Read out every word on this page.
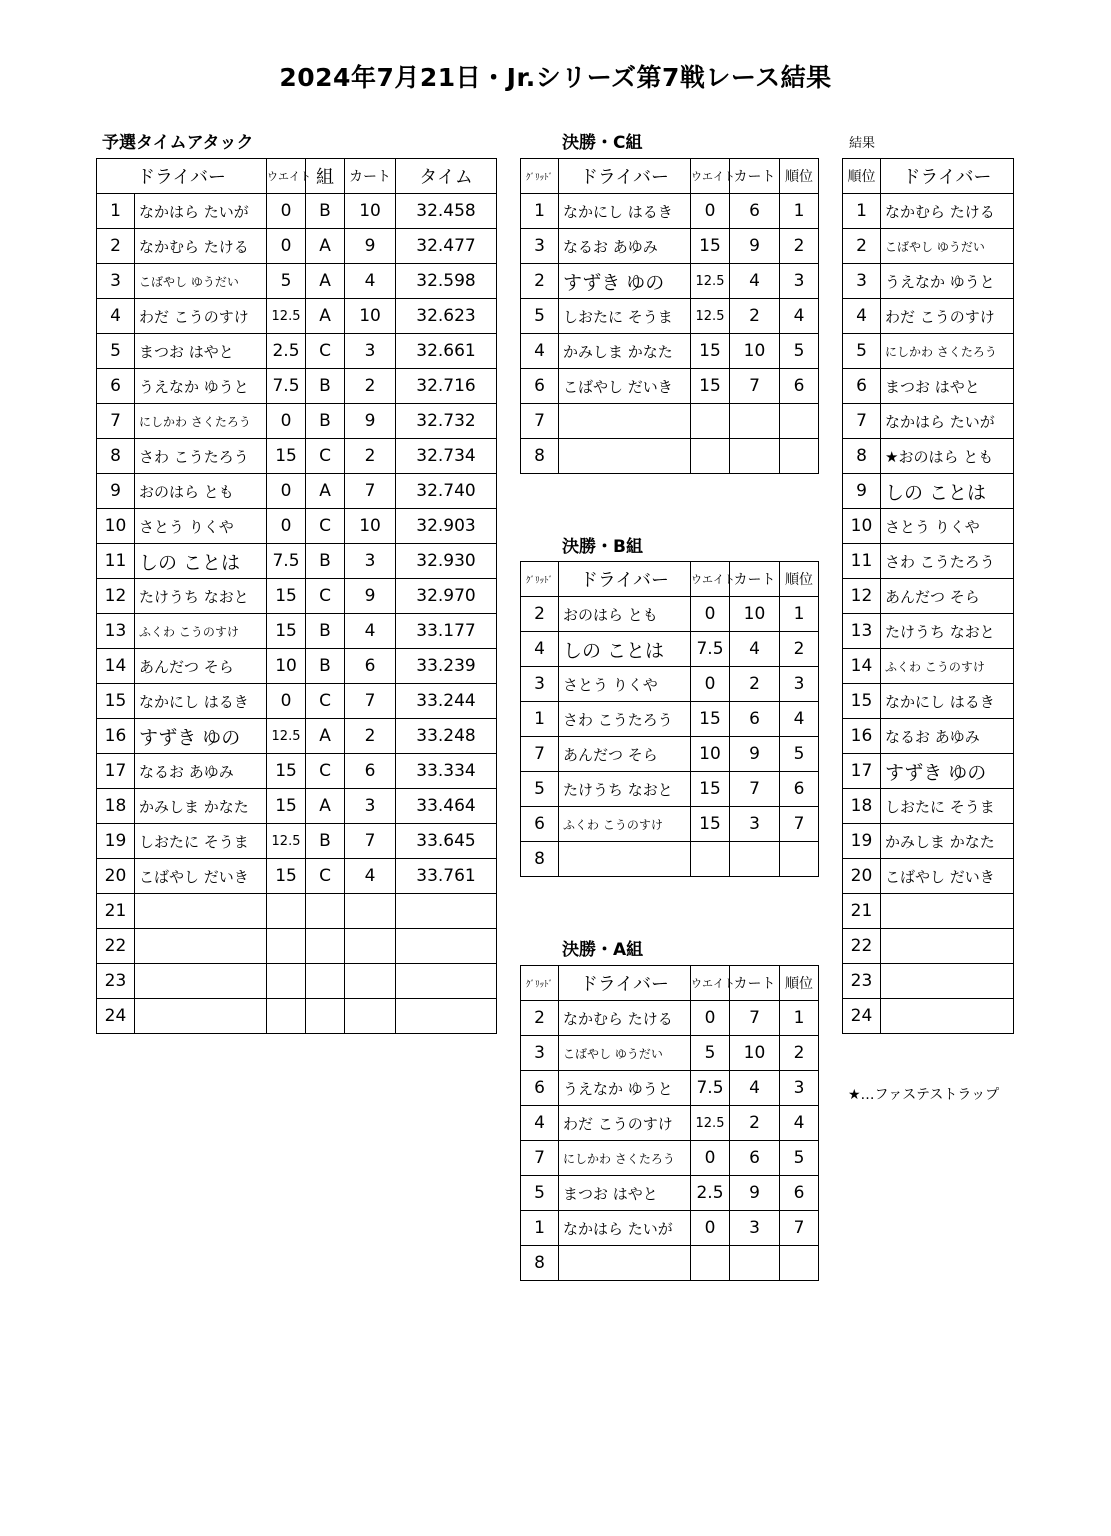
2024年7月21日・Jr.シリーズ第7戦レース結果
予選タイムアタック
ドライバー		ウエイト	組	カート	タイム
1	なかはら たいが	0	B	10	32.458
2	なかむら たける	0	A	9	32.477
3	こばやし ゆうだい	5	A	4	32.598
4	わだ こうのすけ	12.5	A	10	32.623
5	まつお はやと	2.5	C	3	32.661
6	うえなか ゆうと	7.5	B	2	32.716
7	にしかわ さくたろう	0	B	9	32.732
8	さわ こうたろう	15	C	2	32.734
9	おのはら とも	0	A	7	32.740
10	さとう りくや	0	C	10	32.903
11	しの ことは	7.5	B	3	32.930
12	たけうち なおと	15	C	9	32.970
13	ふくわ こうのすけ	15	B	4	33.177
14	あんだつ そら	10	B	6	33.239
15	なかにし はるき	0	C	7	33.244
16	すずき ゆの	12.5	A	2	33.248
17	なるお あゆみ	15	C	6	33.334
18	かみしま かなた	15	A	3	33.464
19	しおたに そうま	12.5	B	7	33.645
20	こばやし だいき	15	C	4	33.761
21					
22					
23					
24					
決勝・C組
ｸﾞﾘｯﾄﾞ	ドライバー	ウエイト	カート	順位
1	なかにし はるき	0	6	1
3	なるお あゆみ	15	9	2
2	すずき ゆの	12.5	4	3
5	しおたに そうま	12.5	2	4
4	かみしま かなた	15	10	5
6	こばやし だいき	15	7	6
7				
8				
決勝・B組
ｸﾞﾘｯﾄﾞ	ドライバー	ウエイト	カート	順位
2	おのはら とも	0	10	1
4	しの ことは	7.5	4	2
3	さとう りくや	0	2	3
1	さわ こうたろう	15	6	4
7	あんだつ そら	10	9	5
5	たけうち なおと	15	7	6
6	ふくわ こうのすけ	15	3	7
8				
決勝・A組
ｸﾞﾘｯﾄﾞ	ドライバー	ウエイト	カート	順位
2	なかむら たける	0	7	1
3	こばやし ゆうだい	5	10	2
6	うえなか ゆうと	7.5	4	3
4	わだ こうのすけ	12.5	2	4
7	にしかわ さくたろう	0	6	5
5	まつお はやと	2.5	9	6
1	なかはら たいが	0	3	7
8				
結果
順位	ドライバー
1	なかむら たける
2	こばやし ゆうだい
3	うえなか ゆうと
4	わだ こうのすけ
5	にしかわ さくたろう
6	まつお はやと
7	なかはら たいが
8	★おのはら とも
9	しの ことは
10	さとう りくや
11	さわ こうたろう
12	あんだつ そら
13	たけうち なおと
14	ふくわ こうのすけ
15	なかにし はるき
16	なるお あゆみ
17	すずき ゆの
18	しおたに そうま
19	かみしま かなた
20	こばやし だいき
21	
22	
23	
24	
★…ファステストラップ
